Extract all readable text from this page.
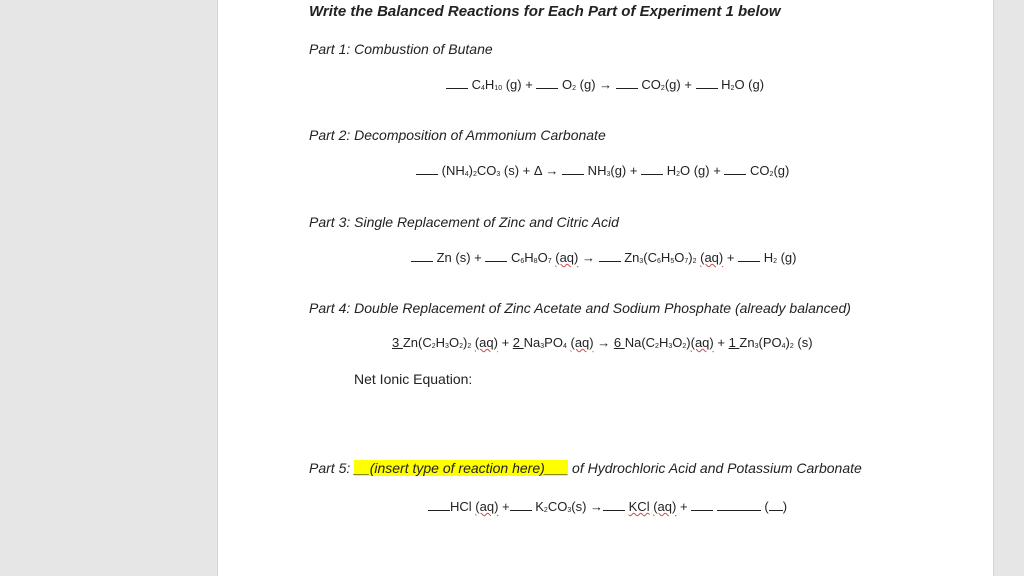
Write the Balanced Reactions for Each Part of Experiment 1 below
Part 1: Combustion of Butane
$C_4H_{10}$ $(g) + O_2$ $(g) \to CO_2(g) + H_2O$ (g)
Part 2: Decomposition of Ammonium Carbonate
$(NH_4)_2CO_3$ $(s) + \Delta \to NH_3(g) + H_2O$ $(g) + CO_2(g)$
Part 3: Single Replacement of Zinc and Citric Acid
Zn $(s) + C_6H_8O_7$ $(aq) \to Zn_3(C_6H_5O_7)_2$ $(aq) + H_2$ (g)
Part 4: Double Replacement of Zinc Acetate and Sodium Phosphate (already balanced)
3 $Zn(C_2H_3O_2)_2$ (aq) + 2 $Na_3PO_4$ (aq) → 6 $Na(C_2H_3O_2)(aq) + 1$ $Zn_3(PO_4)_2$ (s)
Net Ionic Equation:
Part 5: __(insert type of reaction here)___ of Hydrochloric Acid and Potassium Carbonate
HCl $(aq) + K_2CO_3(s)$ → KCl (aq) +	( )
